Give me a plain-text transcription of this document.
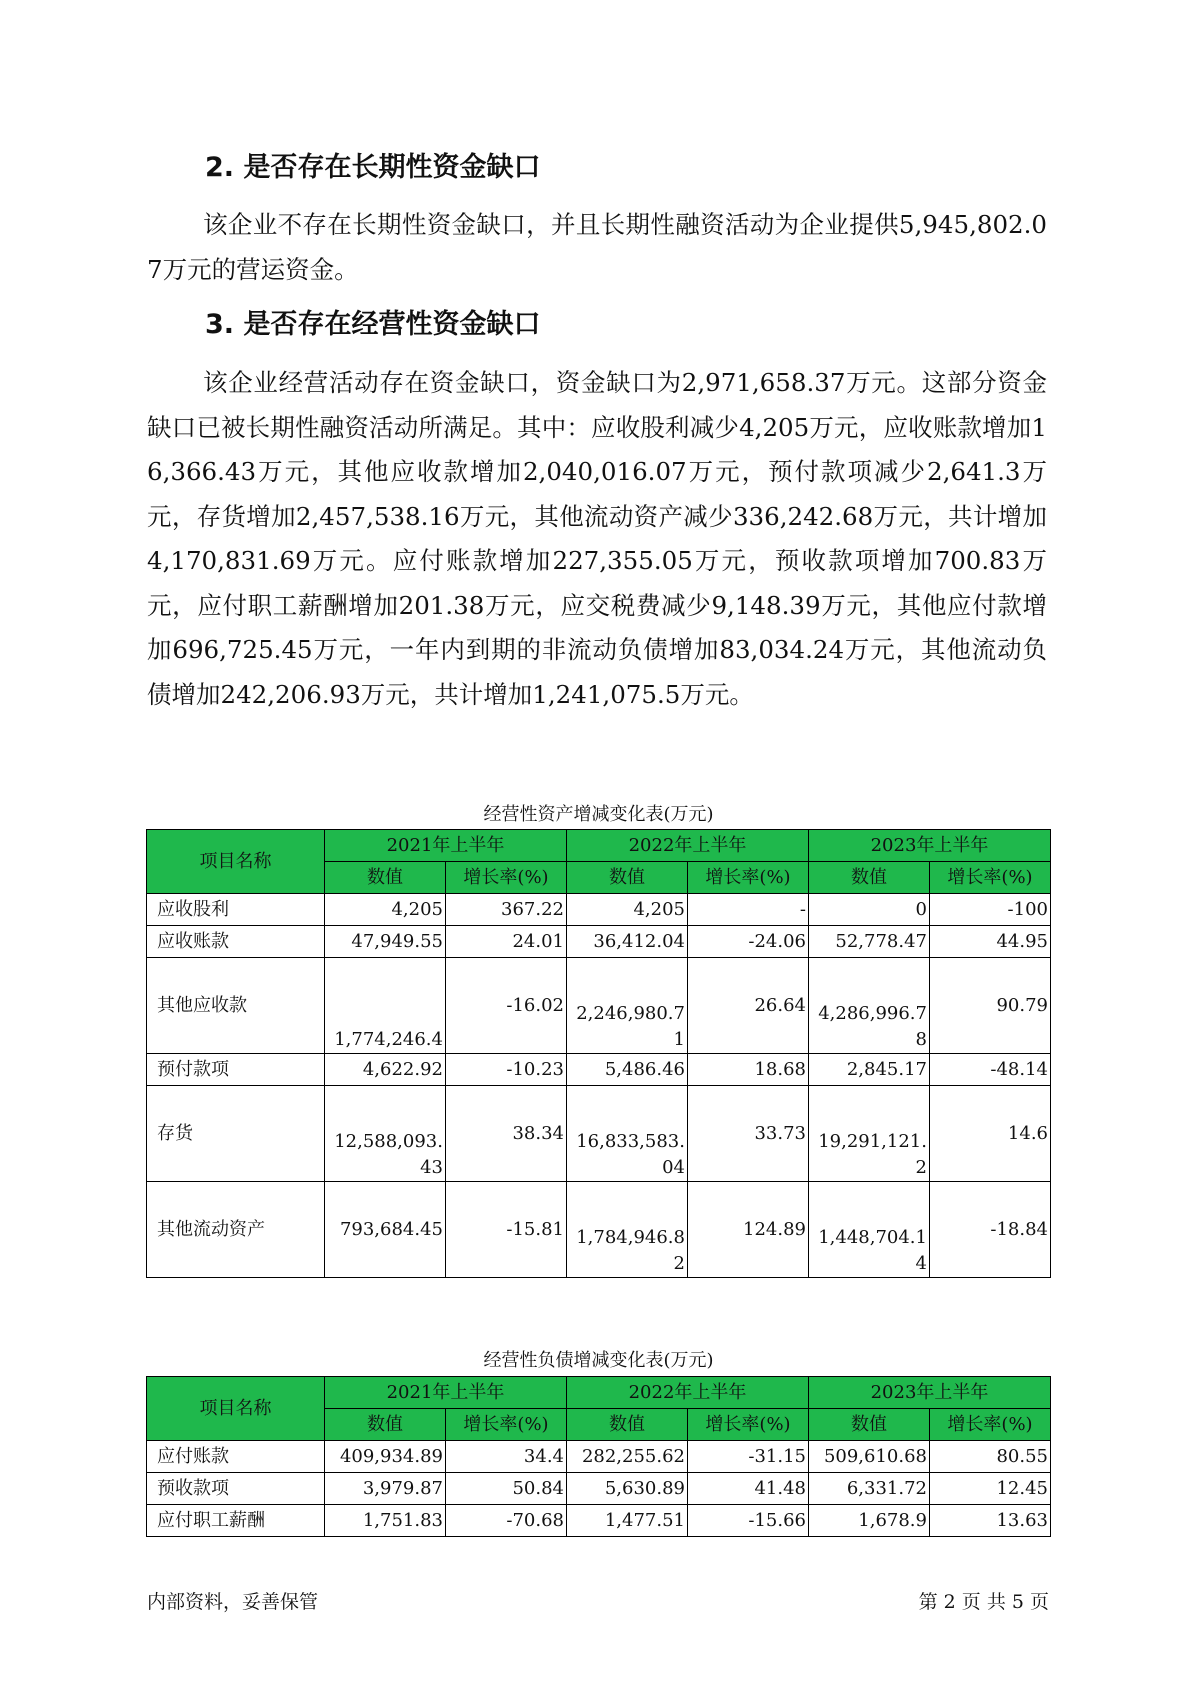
2. 是否存在长期性资金缺口

该企业不存在长期性资金缺口，并且长期性融资活动为企业提供5,945,802.07万元的营运资金。

3. 是否存在经营性资金缺口

该企业经营活动存在资金缺口，资金缺口为2,971,658.37万元。这部分资金缺口已被长期性融资活动所满足。其中：应收股利减少4,205万元，应收账款增加16,366.43万元，其他应收款增加2,040,016.07万元，预付款项减少2,641.3万元，存货增加2,457,538.16万元，其他流动资产减少336,242.68万元，共计增加4,170,831.69万元。应付账款增加227,355.05万元，预收款项增加700.83万元，应付职工薪酬增加201.38万元，应交税费减少9,148.39万元，其他应付款增加696,725.45万元，一年内到期的非流动负债增加83,034.24万元，其他流动负债增加242,206.93万元，共计增加1,241,075.5万元。

经营性资产增减变化表(万元)
项目名称	2021年上半年		2022年上半年		2023年上半年	
	数值	增长率(%)	数值	增长率(%)	数值	增长率(%)
应收股利	4,205	367.22	4,205	-	0	-100
应收账款	47,949.55	24.01	36,412.04	-24.06	52,778.47	44.95
其他应收款	1,774,246.4	-16.02	2,246,980.71	26.64	4,286,996.78	90.79
预付款项	4,622.92	-10.23	5,486.46	18.68	2,845.17	-48.14
存货	12,588,093.43	38.34	16,833,583.04	33.73	19,291,121.2	14.6
其他流动资产	793,684.45	-15.81	1,784,946.82	124.89	1,448,704.14	-18.84
经营性负债增减变化表(万元)
项目名称	2021年上半年		2022年上半年		2023年上半年	
	数值	增长率(%)	数值	增长率(%)	数值	增长率(%)
应付账款	409,934.89	34.4	282,255.62	-31.15	509,610.68	80.55
预收款项	3,979.87	50.84	5,630.89	41.48	6,331.72	12.45
应付职工薪酬	1,751.83	-70.68	1,477.51	-15.66	1,678.9	13.63
内部资料，妥善保管	第 2 页 共 5 页
